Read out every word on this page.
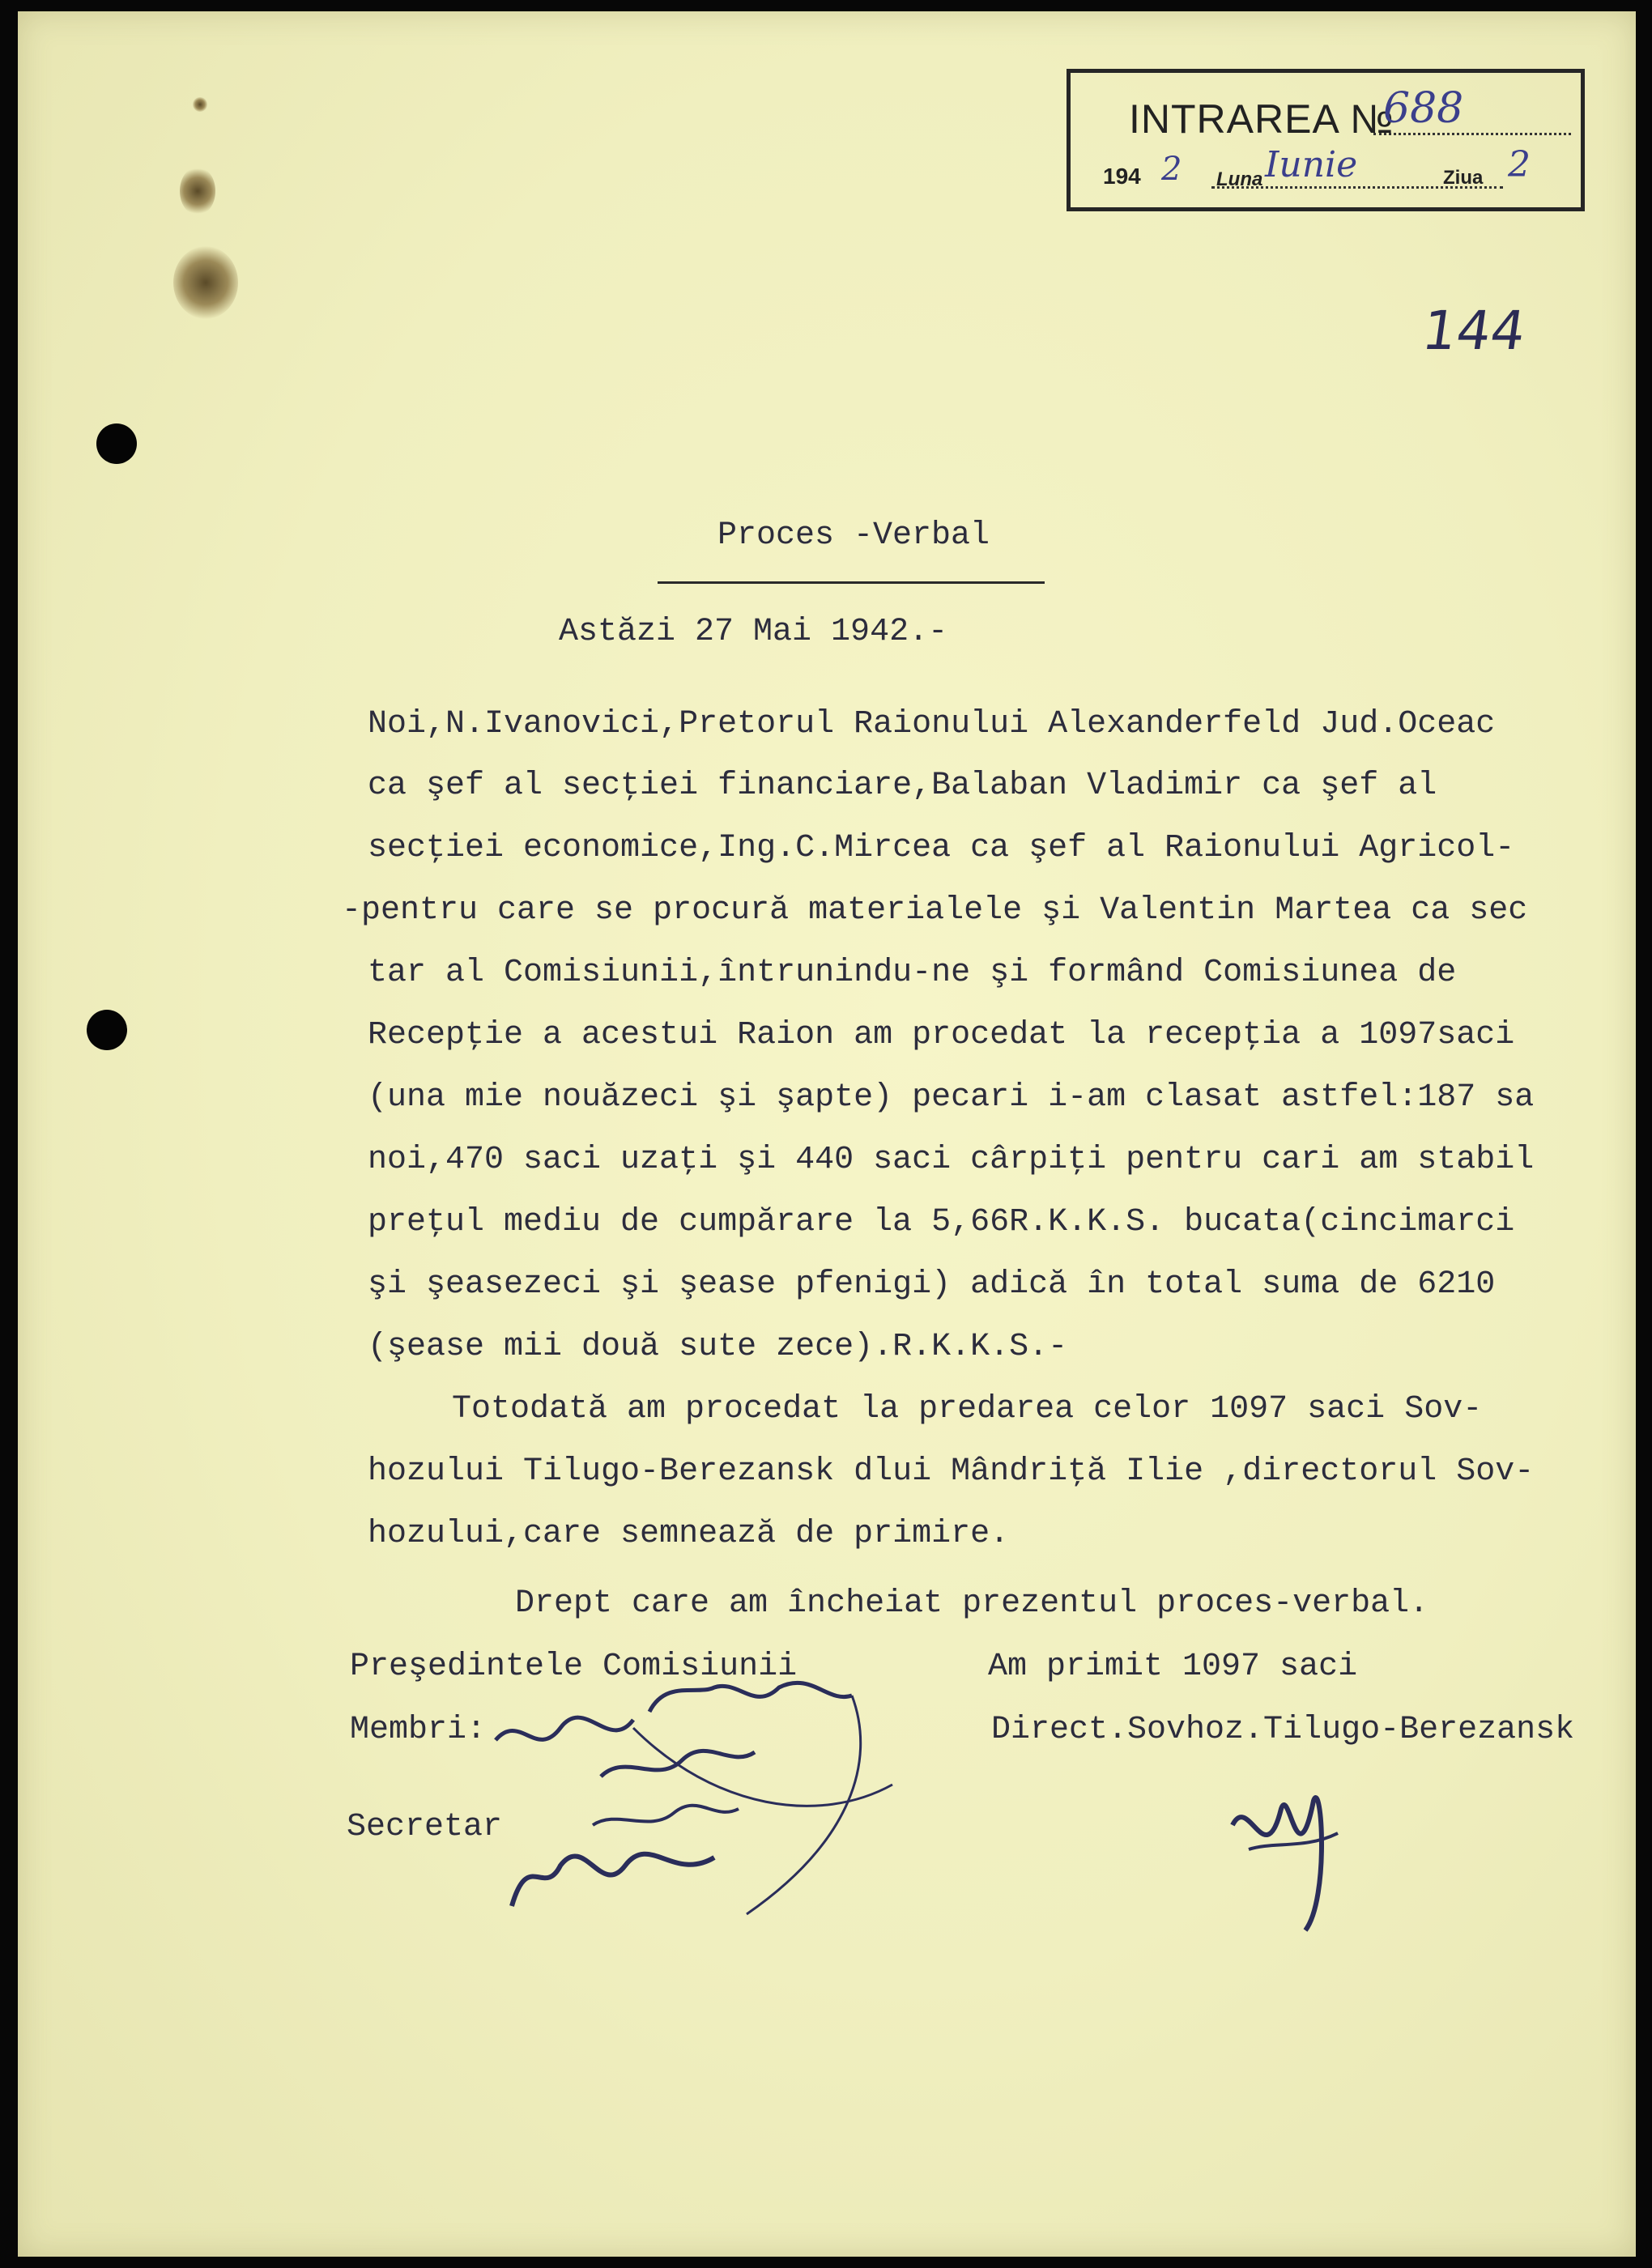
INTRAREA №
688
194 2 Luna Iunie	Ziua 2
144
Proces -Verbal
Astăzi 27 Mai 1942.-
Noi,N.Ivanovici,Pretorul Raionului Alexanderfeld Jud.Oceac
ca şef al secţiei financiare,Balaban Vladimir ca şef al
secţiei economice,Ing.C.Mircea ca şef al Raionului Agricol-
-pentru care se procură materialele şi Valentin Martea ca sec
tar al Comisiunii,întrunindu-ne şi formând Comisiunea de
Recepţie a acestui Raion am procedat la recepţia a 1097saci
(una mie nouăzeci şi şapte) pecari i-am clasat astfel:187 sa
noi,470 saci uzaţi şi 440 saci cârpiţi pentru cari am stabil
preţul mediu de cumpărare la 5,66R.K.K.S. bucata(cincimarci
şi şeasezeci şi şease pfenigi) adică în total suma de 6210
(şease mii două sute zece).R.K.K.S.-
Totodată am procedat la predarea celor 1097 saci Sov-
hozului Tilugo-Berezansk dlui Mândriţă Ilie ,directorul Sov-
hozului,care semnează de primire.
Drept care am încheiat prezentul proces-verbal.
Preşedintele Comisiunii	Am primit 1097 saci
Membri:	Direct.Sovhoz.Tilugo-Berezansk
Secretar
